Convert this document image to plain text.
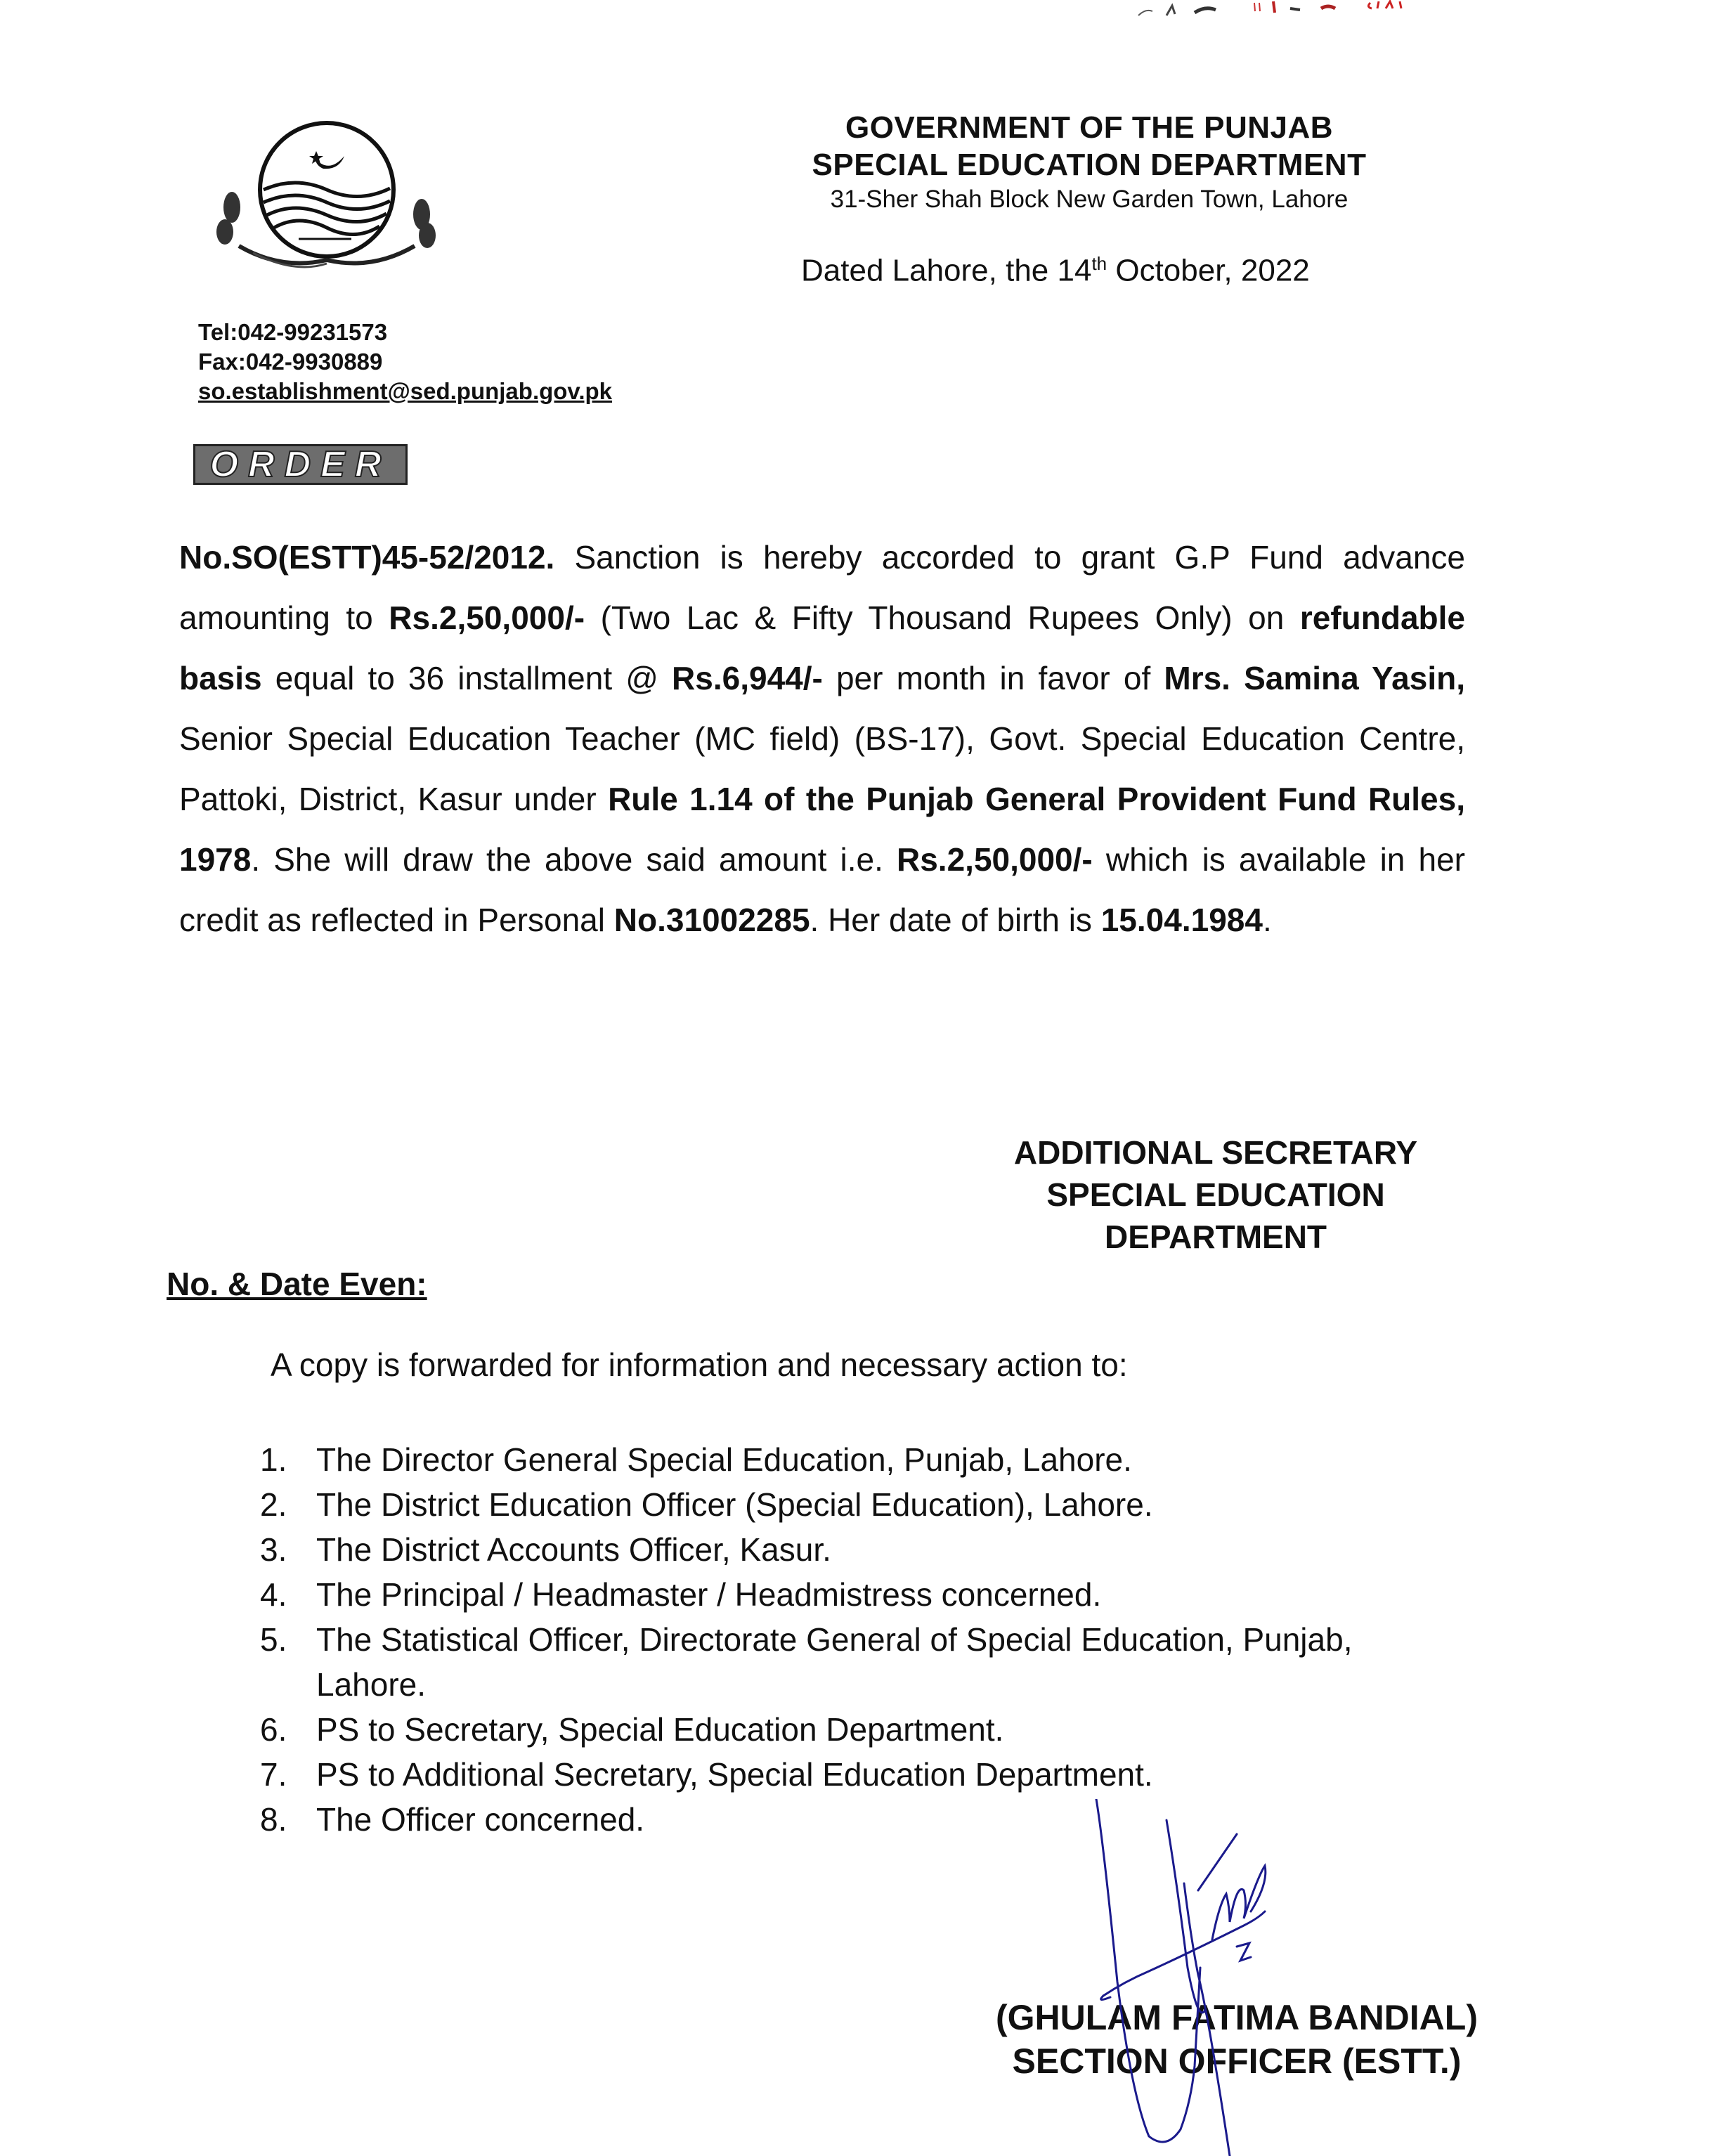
GOVERNMENT OF THE PUNJAB
SPECIAL EDUCATION DEPARTMENT
31-Sher Shah Block New Garden Town, Lahore
Dated Lahore, the 14th October, 2022
Tel:042-99231573
Fax:042-9930889
so.establishment@sed.punjab.gov.pk
ORDER
No.SO(ESTT)45-52/2012. Sanction is hereby accorded to grant G.P Fund advance amounting to Rs.2,50,000/- (Two Lac & Fifty Thousand Rupees Only) on refundable basis equal to 36 installment @ Rs.6,944/- per month in favor of Mrs. Samina Yasin, Senior Special Education Teacher (MC field) (BS-17), Govt. Special Education Centre, Pattoki, District, Kasur under Rule 1.14 of the Punjab General Provident Fund Rules, 1978. She will draw the above said amount i.e. Rs.2,50,000/- which is available in her credit as reflected in Personal No.31002285. Her date of birth is 15.04.1984.
ADDITIONAL SECRETARY
SPECIAL EDUCATION
DEPARTMENT
No. & Date Even:
A copy is forwarded for information and necessary action to:
1. The Director General Special Education, Punjab, Lahore.
2. The District Education Officer (Special Education), Lahore.
3. The District Accounts Officer, Kasur.
4. The Principal / Headmaster / Headmistress concerned.
5. The Statistical Officer, Directorate General of Special Education, Punjab, Lahore.
6. PS to Secretary, Special Education Department.
7. PS to Additional Secretary, Special Education Department.
8. The Officer concerned.
(GHULAM FATIMA BANDIAL)
SECTION OFFICER (ESTT.)
